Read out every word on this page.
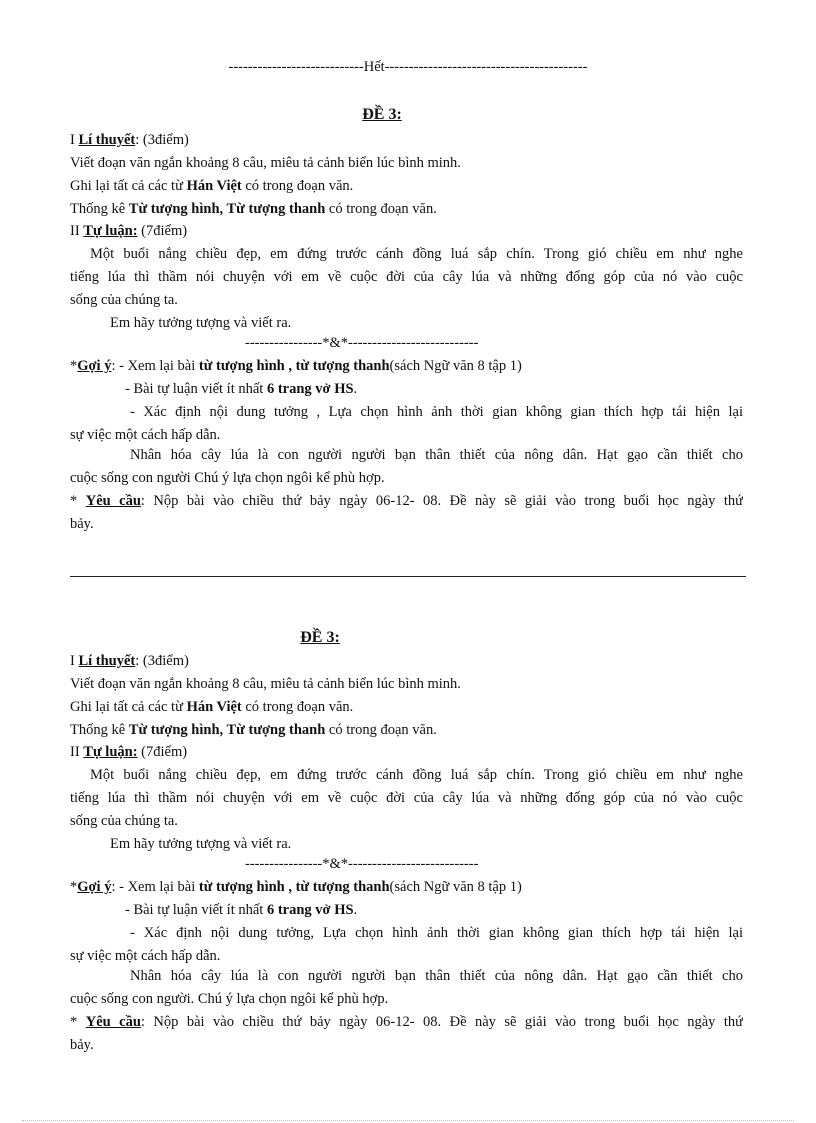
----------------------------Hết------------------------------------------
ĐỀ 3:
I Lí thuyết: (3điểm)
Viết đoạn văn ngắn khoảng 8 câu, miêu tả cảnh biển lúc bình minh.
Ghi lại tất cả các từ Hán Việt có trong đoạn văn.
Thống kê Từ tượng hình, Từ tượng thanh có trong đoạn văn.
II Tự luận: (7điểm)
Một buổi nắng chiều đẹp, em đứng trước cánh đồng luá sắp chín. Trong gió chiều em như nghe
tiếng lúa thì thầm nói chuyện với em về cuộc đời của cây lúa và những đống góp của nó vào cuộc
sống của chúng ta.
Em hãy tưởng tượng và viết ra.
----------------*&*---------------------------
*Gợi ý: - Xem lại bài từ tượng hình , từ tượng thanh(sách Ngữ văn 8 tập 1)
- Bài tự luận viết ít nhất 6 trang vở HS.
- Xác định nội dung tưởng , Lựa chọn hình ảnh thời gian không gian thích hợp tái hiện lại
sự việc một cách hấp dẫn.
Nhân hóa cây lúa là con người người bạn thân thiết của nông dân. Hạt gạo cần thiết cho
cuộc sống con người Chú ý lựa chọn ngôi kể phù hợp.
* Yêu cầu: Nộp bài vào chiều thứ bảy ngày 06-12- 08. Đề này sẽ giải vào trong buổi học ngày thứ
bảy.
ĐỀ 3:
I Lí thuyết: (3điểm)
Viết đoạn văn ngắn khoảng 8 câu, miêu tả cảnh biển lúc bình minh.
Ghi lại tất cả các từ Hán Việt có trong đoạn văn.
Thống kê Từ tượng hình, Từ tượng thanh có trong đoạn văn.
II Tự luận: (7điểm)
Một buổi nắng chiều đẹp, em đứng trước cánh đồng luá sắp chín. Trong gió chiều em như nghe
tiếng lúa thì thầm nói chuyện với em về cuộc đời của cây lúa và những đống góp của nó vào cuộc
sống của chúng ta.
Em hãy tưởng tượng và viết ra.
----------------*&*---------------------------
*Gợi ý: - Xem lại bài từ tượng hình , từ tượng thanh(sách Ngữ văn 8 tập 1)
- Bài tự luận viết ít nhất 6 trang vở HS.
- Xác định nội dung tưởng, Lựa chọn hình ảnh thời gian không gian thích hợp tái hiện lại
sự việc một cách hấp dẫn.
Nhân hóa cây lúa là con người người bạn thân thiết của nông dân. Hạt gạo cần thiết cho
cuộc sống con người. Chú ý lựa chọn ngôi kể phù hợp.
* Yêu cầu: Nộp bài vào chiều thứ bảy ngày 06-12- 08. Đề này sẽ giải vào trong buổi học ngày thứ
bảy.
